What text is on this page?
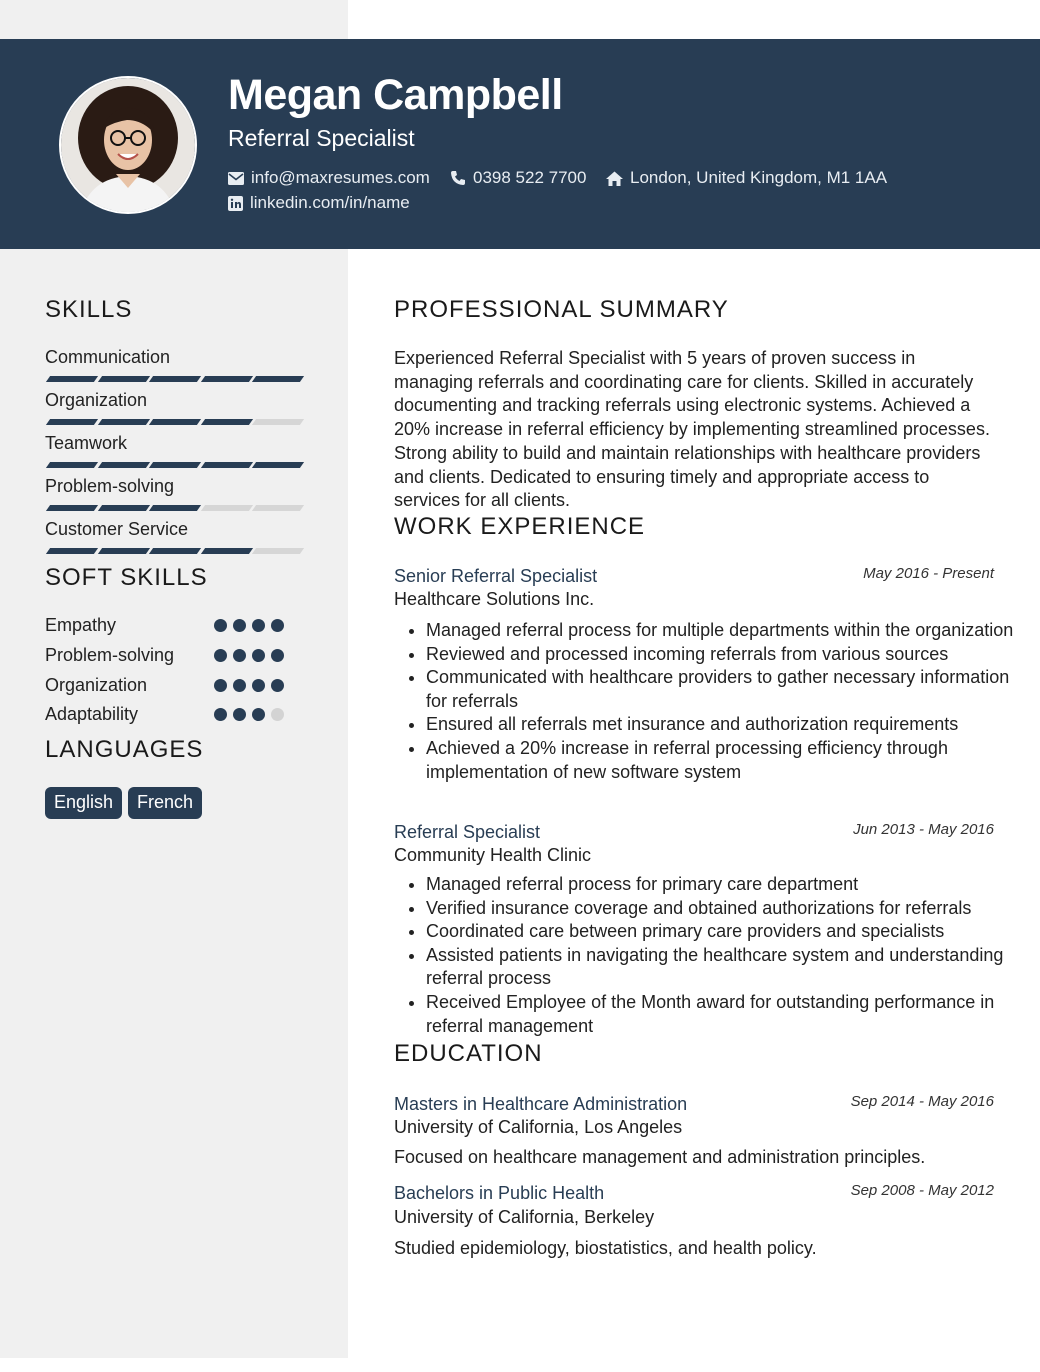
Megan Campbell
Referral Specialist
info@maxresumes.com	0398 522 7700	London, United Kingdom, M1 1AA
linkedin.com/in/name
SKILLS
Communication
Organization
Teamwork
Problem-solving
Customer Service
SOFT SKILLS
Empathy
Problem-solving
Organization
Adaptability
LANGUAGES
English	French
PROFESSIONAL SUMMARY

Experienced Referral Specialist with 5 years of proven success in managing referrals and coordinating care for clients. Skilled in accurately documenting and tracking referrals using electronic systems. Achieved a 20% increase in referral efficiency by implementing streamlined processes. Strong ability to build and maintain relationships with healthcare providers and clients. Dedicated to ensuring timely and appropriate access to services for all clients.

WORK EXPERIENCE
Senior Referral Specialist	May 2016 - Present
Healthcare Solutions Inc.
• Managed referral process for multiple departments within the organization
• Reviewed and processed incoming referrals from various sources
• Communicated with healthcare providers to gather necessary information for referrals
• Ensured all referrals met insurance and authorization requirements
• Achieved a 20% increase in referral processing efficiency through implementation of new software system
Referral Specialist	Jun 2013 - May 2016
Community Health Clinic
• Managed referral process for primary care department
• Verified insurance coverage and obtained authorizations for referrals
• Coordinated care between primary care providers and specialists
• Assisted patients in navigating the healthcare system and understanding referral process
• Received Employee of the Month award for outstanding performance in referral management
EDUCATION
Masters in Healthcare Administration	Sep 2014 - May 2016
University of California, Los Angeles
Focused on healthcare management and administration principles.
Bachelors in Public Health	Sep 2008 - May 2012
University of California, Berkeley
Studied epidemiology, biostatistics, and health policy.
